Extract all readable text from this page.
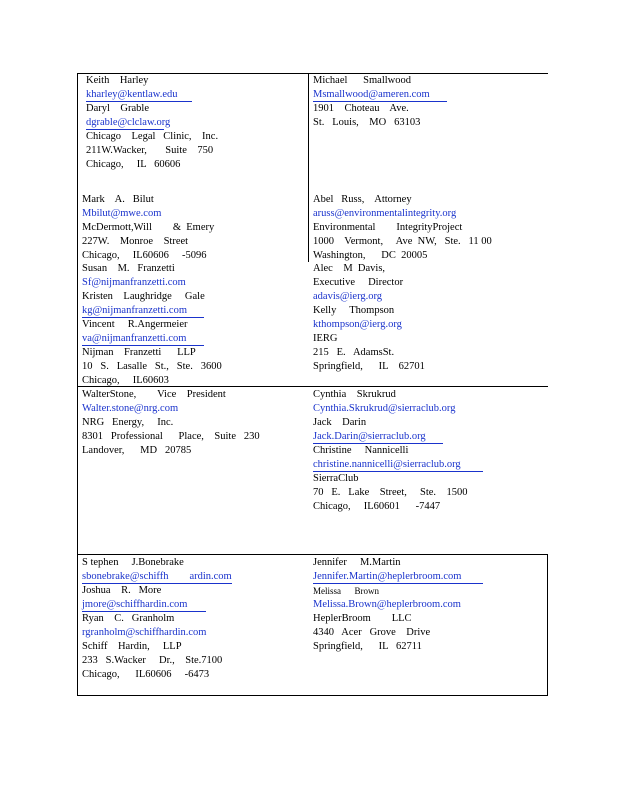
Keith    Harley
kharley@kentlaw.edu
Daryl    Grable
dgrable@clclaw.org
Chicago    Legal   Clinic,    Inc.
211W.Wacker,       Suite    750
Chicago,     IL   60606
Michael      Smallwood
Msmallwood@ameren.com
1901    Choteau    Ave.
St.   Louis,    MO   63103
Mark    A.   Bilut
Mbilut@mwe.com
McDermott,Will        &  Emery
227W.    Monroe    Street
Chicago,     IL60606     -5096
Abel   Russ,    Attorney
aruss@environmentalintegrity.org
Environmental        IntegrityProject
1000    Vermont,     Ave  NW,   Ste.   11 00
Washington,      DC  20005
Susan    M.   Franzetti
Sf@nijmanfranzetti.com
Kristen    Laughridge     Gale
kg@nijmanfranzetti.com
Vincent     R.Angermeier
va@nijmanfranzetti.com
Nijman    Franzetti      LLP
10   S.   Lasalle   St.,   Ste.   3600
Chicago,     IL60603
Alec    M  Davis,
Executive     Director
adavis@ierg.org
Kelly     Thompson
kthompson@ierg.org
IERG
215   E.   AdamsSt.
Springfield,      IL    62701
WalterStone,        Vice    President
Walter.stone@nrg.com
NRG   Energy,     Inc.
8301   Professional      Place,    Suite   230
Landover,      MD   20785
Cynthia    Skrukrud
Cynthia.Skrukrud@sierraclub.org
Jack    Darin
Jack.Darin@sierraclub.org
Christine     Nannicelli
christine.nannicelli@sierraclub.org
SierraClub
70   E.   Lake    Street,     Ste.    1500
Chicago,     IL60601      -7447
S tephen     J.Bonebrake
sbonebrake@schiffh        ardin.com
Joshua    R.   More
jmore@schiffhardin.com
Ryan    C.   Granholm
rgranholm@schiffhardin.com
Schiff    Hardin,     LLP
233   S.Wacker     Dr.,    Ste.7100
Chicago,      IL60606     -6473
Jennifer     M.Martin
Jennifer.Martin@heplerbroom.com
Melissa      Brown
Melissa.Brown@heplerbroom.com
HeplerBroom        LLC
4340   Acer   Grove    Drive
Springfield,      IL   62711
